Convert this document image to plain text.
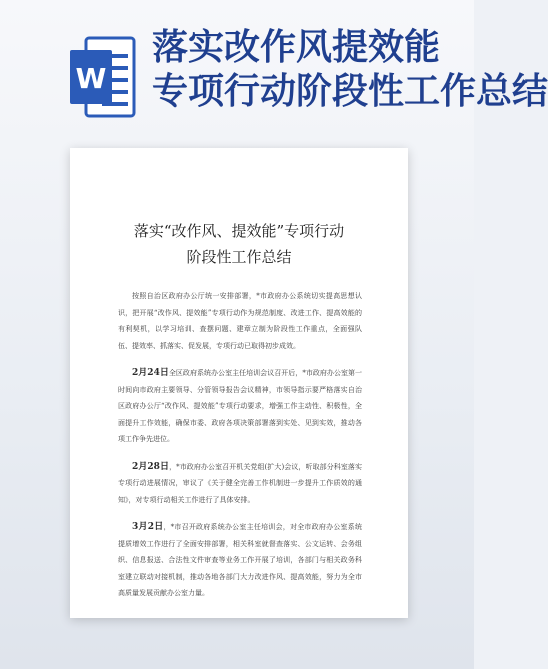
W
落实改作风提效能
专项行动阶段性工作总结
落实“改作风、提效能”专项行动
阶段性工作总结

按照自治区政府办公厅统一安排部署，*市政府办公系统切实提高思想认识，把开展“改作风、提效能”专项行动作为规范制度、改进工作、提高效能的有利契机，以学习培训、查摆问题、建章立制为阶段性工作重点，全面强队伍、提效率、抓落实、促发展，专项行动已取得初步成效。

2月24日全区政府系统办公室主任培训会议召开后，*市政府办公室第一时间向市政府主要领导、分管领导报告会议精神，市领导指示要严格落实自治区政府办公厅“改作风、提效能”专项行动要求，增强工作主动性、积极性，全面提升工作效能，确保市委、政府各项决策部署落到实处、见到实效，推动各项工作争先进位。

2月28日，*市政府办公室召开机关党组(扩大)会议，听取部分科室落实专项行动进展情况，审议了《关于健全完善工作机制进一步提升工作质效的通知》，对专项行动相关工作进行了具体安排。

3月2日，*市召开政府系统办公室主任培训会，对全市政府办公室系统提质增效工作进行了全面安排部署，相关科室就督查落实、公文运转、会务组织、信息报送、合法性文件审查等业务工作开展了培训，各部门与相关政务科室建立联动对接机制，推动各地各部门大力改进作风、提高效能，努力为全市高质量发展贡献办公室力量。
